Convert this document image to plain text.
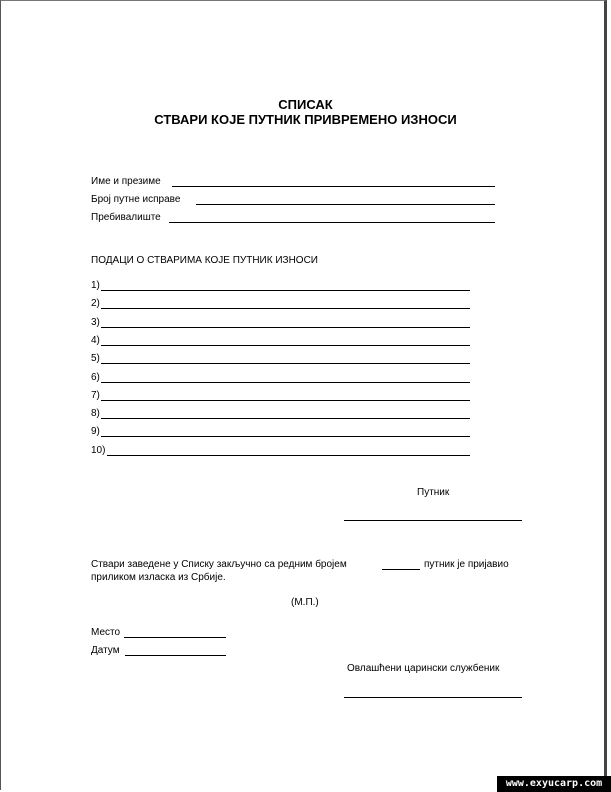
СПИСАК
СТВАРИ КОЈЕ ПУТНИК ПРИВРЕМЕНО ИЗНОСИ
Име и презиме
Број путне исправе
Пребивалиште
ПОДАЦИ О СТВАРИМА КОЈЕ ПУТНИК ИЗНОСИ
1)
2)
3)
4)
5)
6)
7)
8)
9)
10)
Путник
Ствари заведене у Списку закључно са редним бројем	путник је пријавио
приликом изласка из Србије.
(М.П.)
Место
Датум
Овлашћени царински службеник
www.exyucarp.com
